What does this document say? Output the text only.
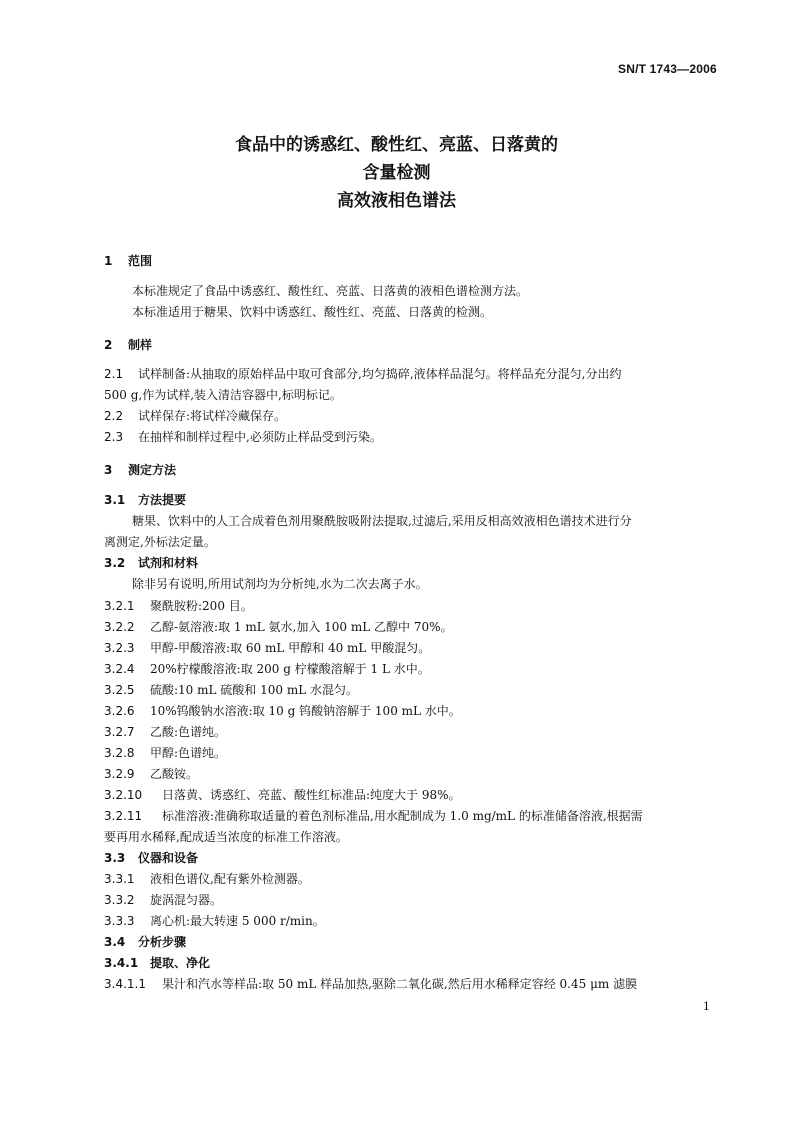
SN/T 1743—2006
食品中的诱惑红、酸性红、亮蓝、日落黄的
含量检测
高效液相色谱法
1 范围
本标准规定了食品中诱惑红、酸性红、亮蓝、日落黄的液相色谱检测方法。
本标准适用于糖果、饮料中诱惑红、酸性红、亮蓝、日落黄的检测。
2 制样
2.1 试样制备:从抽取的原始样品中取可食部分,均匀捣碎,液体样品混匀。将样品充分混匀,分出约
500 g,作为试样,装入清洁容器中,标明标记。
2.2 试样保存:将试样冷藏保存。
2.3 在抽样和制样过程中,必须防止样品受到污染。
3 测定方法
3.1 方法提要
糖果、饮料中的人工合成着色剂用聚酰胺吸附法提取,过滤后,采用反相高效液相色谱技术进行分
离测定,外标法定量。
3.2 试剂和材料
除非另有说明,所用试剂均为分析纯,水为二次去离子水。
3.2.1 聚酰胺粉:200 目。
3.2.2 乙醇-氨溶液:取 1 mL 氨水,加入 100 mL 乙醇中 70%。
3.2.3 甲醇-甲酸溶液:取 60 mL 甲醇和 40 mL 甲酸混匀。
3.2.4 20%柠檬酸溶液:取 200 g 柠檬酸溶解于 1 L 水中。
3.2.5 硫酸:10 mL 硫酸和 100 mL 水混匀。
3.2.6 10%钨酸钠水溶液:取 10 g 钨酸钠溶解于 100 mL 水中。
3.2.7 乙酸:色谱纯。
3.2.8 甲醇:色谱纯。
3.2.9 乙酸铵。
3.2.10 日落黄、诱惑红、亮蓝、酸性红标准品:纯度大于 98%。
3.2.11 标准溶液:准确称取适量的着色剂标准品,用水配制成为 1.0 mg/mL 的标准储备溶液,根据需
要再用水稀释,配成适当浓度的标准工作溶液。
3.3 仪器和设备
3.3.1 液相色谱仪,配有紫外检测器。
3.3.2 旋涡混匀器。
3.3.3 离心机:最大转速 5 000 r/min。
3.4 分析步骤
3.4.1 提取、净化
3.4.1.1 果汁和汽水等样品:取 50 mL 样品加热,驱除二氧化碳,然后用水稀释定容经 0.45 μm 滤膜
1
